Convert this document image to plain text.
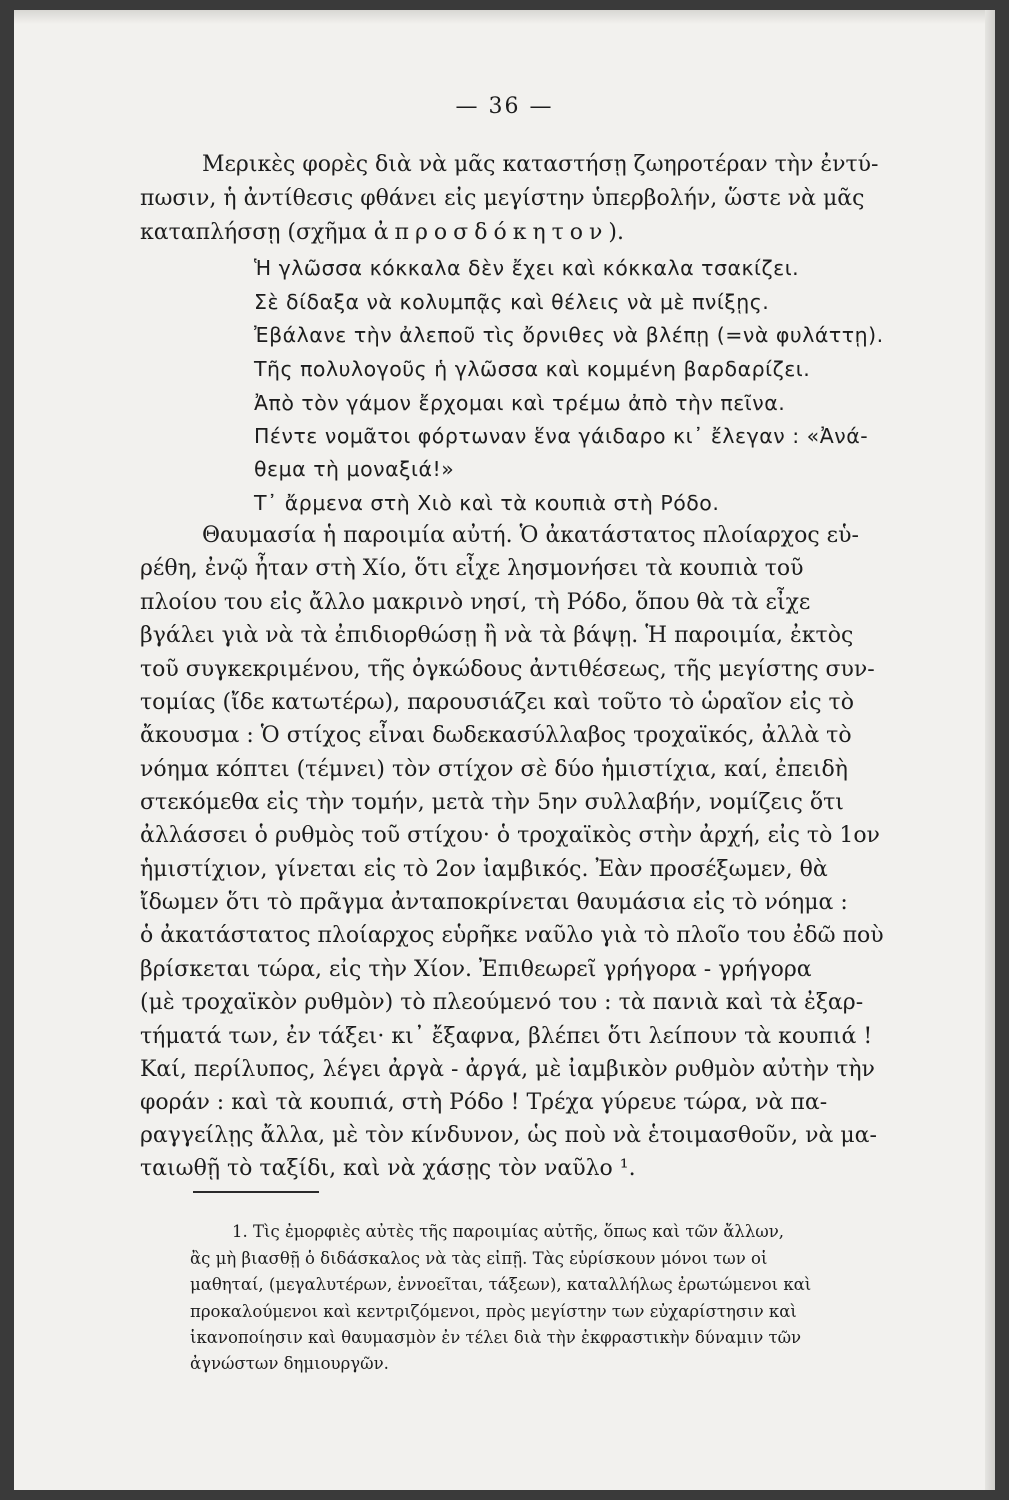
— 36 —
Μερικὲς φορὲς διὰ νὰ μᾶς καταστήσῃ ζωηροτέραν τὴν ἐντύ-
πωσιν, ἡ ἀντίθεσις φθάνει εἰς μεγίστην ὑπερβολήν, ὥστε νὰ μᾶς
καταπλήσσῃ (σχῆμα ἀπροσδόκητον).
Ἡ γλῶσσα κόκκαλα δὲν ἔχει καὶ κόκκαλα τσακίζει.
Σὲ δίδαξα νὰ κολυμπᾷς καὶ θέλεις νὰ μὲ πνίξῃς.
Ἐβάλανε τὴν ἀλεποῦ τὶς ὄρνιθες νὰ βλέπῃ (=νὰ φυλάττῃ).
Τῆς πολυλογοῦς ἡ γλῶσσα καὶ κομμένη βαρδαρίζει.
Ἀπὸ τὸν γάμον ἔρχομαι καὶ τρέμω ἀπὸ τὴν πεῖνα.
Πέντε νομᾶτοι φόρτωναν ἕνα γάιδαρο κι᾽ ἔλεγαν : «Ἀνά-
θεμα τὴ μοναξιά!»
Τ᾽ ἄρμενα στὴ Χιὸ καὶ τὰ κουπιὰ στὴ Ρόδο.
Θαυμασία ἡ παροιμία αὐτή. Ὁ ἀκατάστατος πλοίαρχος εὑ-
ρέθη, ἐνῷ ἦταν στὴ Χίο, ὅτι εἶχε λησμονήσει τὰ κουπιὰ τοῦ
πλοίου του εἰς ἄλλο μακρινὸ νησί, τὴ Ρόδο, ὅπου θὰ τὰ εἶχε
βγάλει γιὰ νὰ τὰ ἐπιδιορθώσῃ ἢ νὰ τὰ βάψῃ. Ἡ παροιμία, ἐκτὸς
τοῦ συγκεκριμένου, τῆς ὀγκώδους ἀντιθέσεως, τῆς μεγίστης συν-
τομίας (ἴδε κατωτέρω), παρουσιάζει καὶ τοῦτο τὸ ὡραῖον εἰς τὸ
ἄκουσμα : Ὁ στίχος εἶναι δωδεκασύλλαβος τροχαϊκός, ἀλλὰ τὸ
νόημα κόπτει (τέμνει) τὸν στίχον σὲ δύο ἡμιστίχια, καί, ἐπειδὴ
στεκόμεθα εἰς τὴν τομήν, μετὰ τὴν 5ην συλλαβήν, νομίζεις ὅτι
ἀλλάσσει ὁ ρυθμὸς τοῦ στίχου· ὁ τροχαϊκὸς στὴν ἀρχή, εἰς τὸ 1ον
ἡμιστίχιον, γίνεται εἰς τὸ 2ον ἰαμβικός. Ἐὰν προσέξωμεν, θὰ
ἴδωμεν ὅτι τὸ πρᾶγμα ἀνταποκρίνεται θαυμάσια εἰς τὸ νόημα :
ὁ ἀκατάστατος πλοίαρχος εὑρῆκε ναῦλο γιὰ τὸ πλοῖο του ἐδῶ ποὺ
βρίσκεται τώρα, εἰς τὴν Χίον. Ἐπιθεωρεῖ γρήγορα - γρήγορα
(μὲ τροχαϊκὸν ρυθμὸν) τὸ πλεούμενό του : τὰ πανιὰ καὶ τὰ ἐξαρ-
τήματά των, ἐν τάξει· κι᾽ ἔξαφνα, βλέπει ὅτι λείπουν τὰ κουπιά !
Καί, περίλυπος, λέγει ἀργὰ - ἀργά, μὲ ἰαμβικὸν ρυθμὸν αὐτὴν τὴν
φοράν : καὶ τὰ κουπιά, στὴ Ρόδο ! Τρέχα γύρευε τώρα, νὰ πα-
ραγγείλῃς ἄλλα, μὲ τὸν κίνδυνον, ὡς ποὺ νὰ ἑτοιμασθοῦν, νὰ μα-
ταιωθῇ τὸ ταξίδι, καὶ νὰ χάσῃς τὸν ναῦλο ¹.
1. Τὶς ἐμορφιὲς αὐτὲς τῆς παροιμίας αὐτῆς, ὅπως καὶ τῶν ἄλλων,
ἂς μὴ βιασθῇ ὁ διδάσκαλος νὰ τὰς εἰπῇ. Τὰς εὑρίσκουν μόνοι των οἱ
μαθηταί, (μεγαλυτέρων, ἐννοεῖται, τάξεων), καταλλήλως ἐρωτώμενοι καὶ
προκαλούμενοι καὶ κεντριζόμενοι, πρὸς μεγίστην των εὐχαρίστησιν καὶ
ἱκανοποίησιν καὶ θαυμασμὸν ἐν τέλει διὰ τὴν ἐκφραστικὴν δύναμιν τῶν
ἀγνώστων δημιουργῶν.
